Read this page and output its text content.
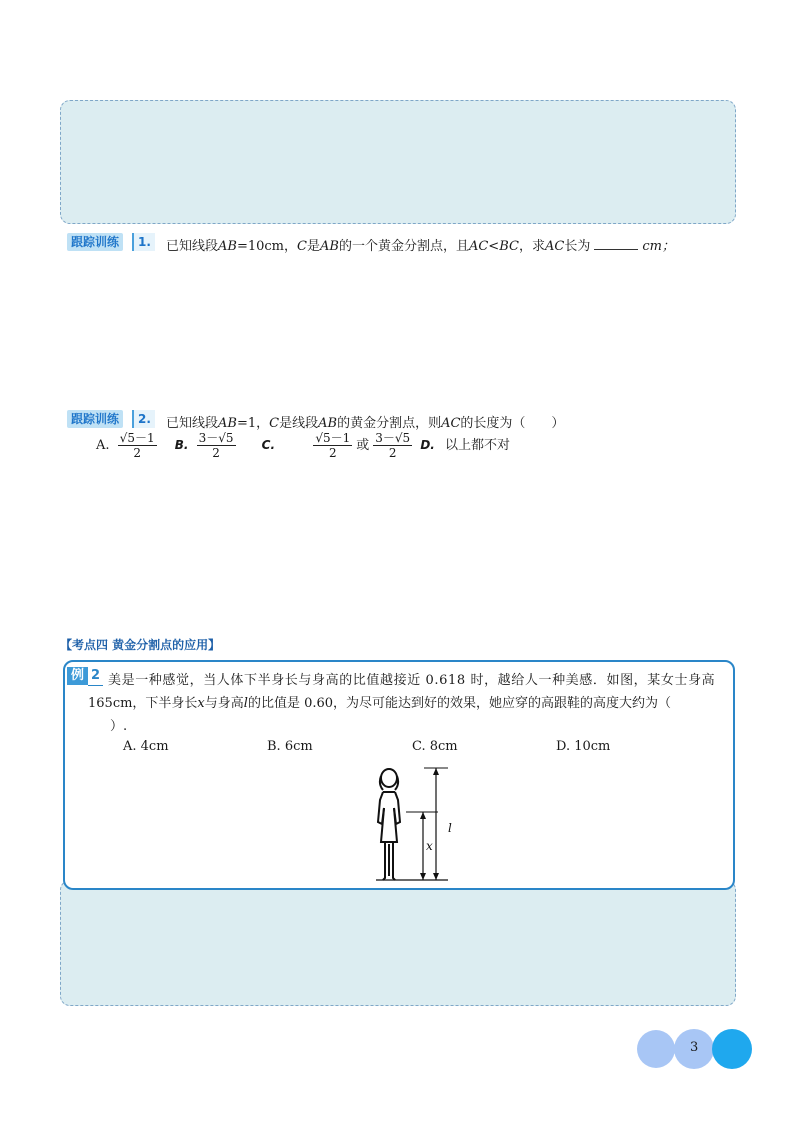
跟踪训练	1.	已知线段AB=10cm，C是AB的一个黄金分割点，且AC<BC，求AC长为	cm；
跟踪训练	2.	已知线段AB=1，C是线段AB的黄金分割点，则AC的长度为（　　）
A. $\frac{√5-1}{2} B$. $\frac{3-√5}{2} C$.	$\frac{√5-1}{2}$ 或 $\frac{3-√5}{2} D$. 以上都不对
【考点四 黄金分割点的应用】
例 2 美是一种感觉，当人体下半身长与身高的比值越接近 0.618 时，越给人一种美感．如图，某女士身高
165cm，下半身长x与身高l的比值是 0.60，为尽可能达到好的效果，她应穿的高跟鞋的高度大约为（
）.
A. 4cm	B. 6cm	C. 8cm	D. 10cm
l
x
3
